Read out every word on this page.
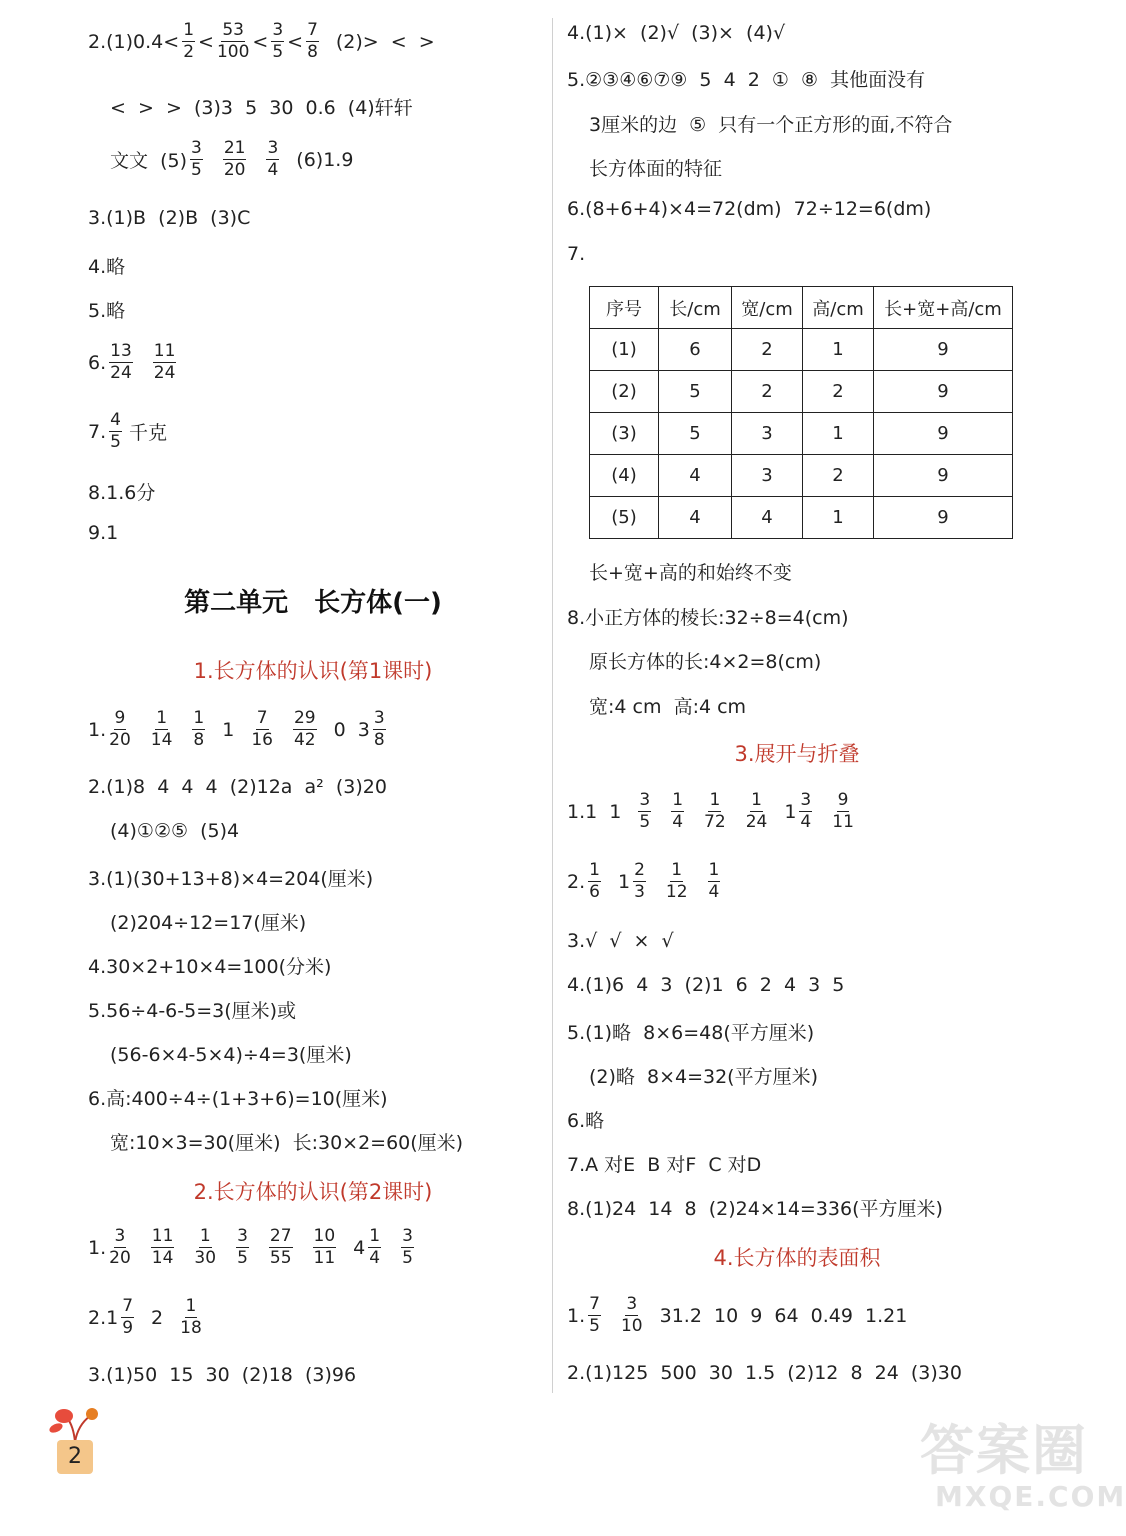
$2.(1)0.4< \frac{1}{2} < \frac{53}{100} < \frac{3}{5} < \frac{7}{8} (2)>$  <  >
<  >  >  (3)3  5  30  0.6  (4)轩轩
文文  $(5) \frac{3}{5} \frac{21}{20} \frac{3}{4} (6)1.9$
3.(1)B  (2)B  (3)C
4.略
5.略
6. $\frac{13}{24} \frac{11}{24}$
7. $\frac{4}{5}$ 千克
8.1.6分
9.1
第二单元　长方体(一)
1.长方体的认识(第1课时)
1. $\frac{9}{20} \frac{1}{14} \frac{1}{8} 1 \frac{7}{16} \frac{29}{42} 0$  $3 \frac{3}{8}$
2.(1)8  4  4  4  (2)12a  a²  (3)20
(4)①②⑤  (5)4
3.(1)(30+13+8)×4=204(厘米)
(2)204÷12=17(厘米)
4.30×2+10×4=100(分米)
5.56÷4-6-5=3(厘米)或
(56-6×4-5×4)÷4=3(厘米)
6.高:400÷4÷(1+3+6)=10(厘米)
宽:10×3=30(厘米)  长:30×2=60(厘米)
2.长方体的认识(第2课时)
1. $\frac{3}{20} \frac{11}{14} \frac{1}{30} \frac{3}{5} \frac{27}{55} \frac{10}{11} 4 \frac{1}{4} \frac{3}{5}$
$2.1 \frac{7}{9} 2 \frac{1}{18}$
3.(1)50  15  30  (2)18  (3)96
4.(1)×  (2)√  (3)×  (4)√
5.②③④⑥⑦⑨  5  4  2  ①  ⑧  其他面没有
3厘米的边  ⑤  只有一个正方形的面,不符合
长方体面的特征
6.(8+6+4)×4=72(dm)  72÷12=6(dm)
7.
序号	长/cm	宽/cm	高/cm	长+宽+高/cm
(1)	6	2	1	9
(2)	5	2	2	9
(3)	5	3	1	9
(4)	4	3	2	9
(5)	4	4	1	9
长+宽+高的和始终不变
8.小正方体的棱长:32÷8=4(cm)
原长方体的长:4×2=8(cm)
宽:4 cm  高:4 cm
3.展开与折叠
1.1  $1 \frac{3}{5} \frac{1}{4} \frac{1}{72} \frac{1}{24} 1 \frac{3}{4} \frac{9}{11}$
2. $\frac{1}{6} 1 \frac{2}{3} \frac{1}{12} \frac{1}{4}$
3.√  √  ×  √
4.(1)6  4  3  (2)1  6  2  4  3  5
5.(1)略  8×6=48(平方厘米)
(2)略  8×4=32(平方厘米)
6.略
7.A 对E  B 对F  C 对D
8.(1)24  14  8  (2)24×14=336(平方厘米)
4.长方体的表面积
1. $\frac{7}{5} \frac{3}{10} 31.2$  10  9  64  0.49  1.21
2.(1)125  500  30  1.5  (2)12  8  24  (3)30
2	答案圈
MXQE.COM
